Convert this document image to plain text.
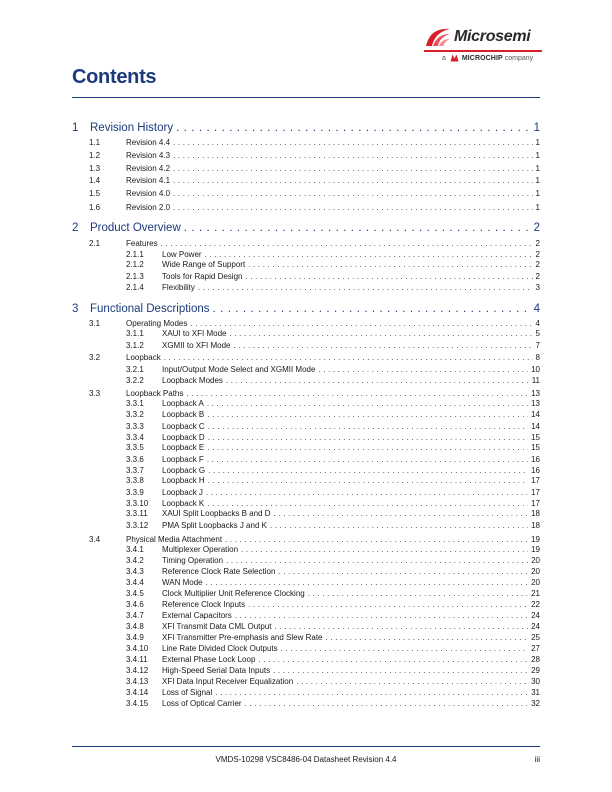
Microsemi
a MICROCHIP company
Contents
1	Revision History . . .	1
1.1	Revision 4.4 . . .	1
1.2	Revision 4.3 . . .	1
1.3	Revision 4.2 . . .	1
1.4	Revision 4.1 . . .	1
1.5	Revision 4.0 . . .	1
1.6	Revision 2.0 . . .	1
2	Product Overview . . .	2
2.1	Features . . .	2
2.1.1	Low Power . . .	2
2.1.2	Wide Range of Support . . .	2
2.1.3	Tools for Rapid Design . . .	2
2.1.4	Flexibility . . .	3
3	Functional Descriptions . . .	4
3.1	Operating Modes . . .	4
3.1.1	XAUI to XFI Mode . . .	5
3.1.2	XGMII to XFI Mode . . .	7
3.2	Loopback . . .	8
3.2.1	Input/Output Mode Select and XGMII Mode . . .	10
3.2.2	Loopback Modes . . .	11
3.3	Loopback Paths . . .	13
3.3.1	Loopback A . . .	13
3.3.2	Loopback B . . .	14
3.3.3	Loopback C . . .	14
3.3.4	Loopback D . . .	15
3.3.5	Loopback E . . .	15
3.3.6	Loopback F . . .	16
3.3.7	Loopback G . . .	16
3.3.8	Loopback H . . .	17
3.3.9	Loopback J . . .	17
3.3.10	Loopback K . . .	17
3.3.11	XAUI Split Loopbacks B and D . . .	18
3.3.12	PMA Split Loopbacks J and K . . .	18
3.4	Physical Media Attachment . . .	19
3.4.1	Multiplexer Operation . . .	19
3.4.2	Timing Operation . . .	20
3.4.3	Reference Clock Rate Selection . . .	20
3.4.4	WAN Mode . . .	20
3.4.5	Clock Multiplier Unit Reference Clocking . . .	21
3.4.6	Reference Clock Inputs . . .	22
3.4.7	External Capacitors . . .	24
3.4.8	XFI Transmit Data CML Output . . .	24
3.4.9	XFI Transmitter Pre-emphasis and Slew Rate . . .	25
3.4.10	Line Rate Divided Clock Outputs . . .	27
3.4.11	External Phase Lock Loop . . .	28
3.4.12	High-Speed Serial Data Inputs . . .	29
3.4.13	XFI Data Input Receiver Equalization . . .	30
3.4.14	Loss of Signal . . .	31
3.4.15	Loss of Optical Carrier . . .	32
VMDS-10298 VSC8486-04 Datasheet Revision 4.4	iii
